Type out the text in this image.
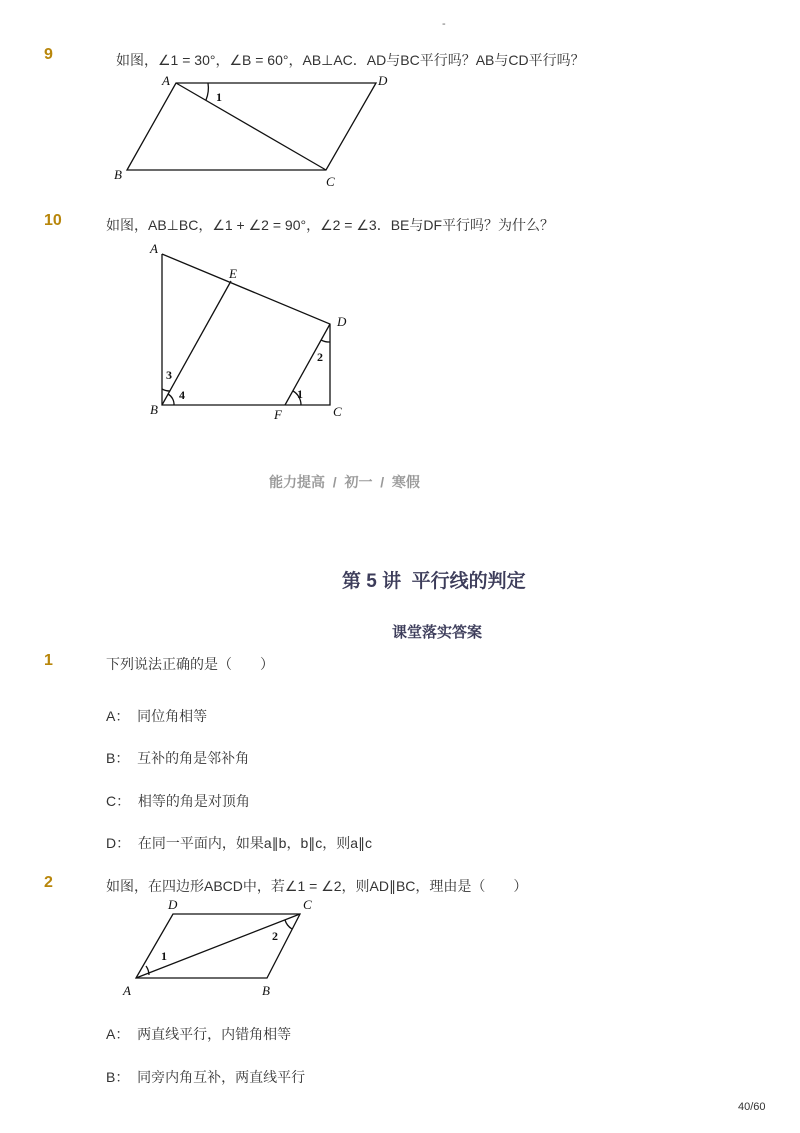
-
9	如图，∠1 = 30°，∠B = 60°，AB⊥AC．AD与BC平行吗？AB与CD平行吗？
A	D
B	C
1
10	如图，AB⊥BC，∠1 + ∠2 = 90°，∠2 = ∠3．BE与DF平行吗？为什么？
A
E
D
B	F	C
3
4	1
2
能力提高  /  初一  /  寒假
第 5 讲  平行线的判定
课堂落实答案
1	下列说法正确的是（　　）
A：  同位角相等
B：  互补的角是邻补角
C：  相等的角是对顶角
D：  在同一平面内，如果a∥b，b∥c，则a∥c
2	如图，在四边形ABCD中，若∠1 = ∠2，则AD∥BC，理由是（　　）
D	C
A	B
1
2
A：  两直线平行，内错角相等
B：  同旁内角互补，两直线平行
40/60
